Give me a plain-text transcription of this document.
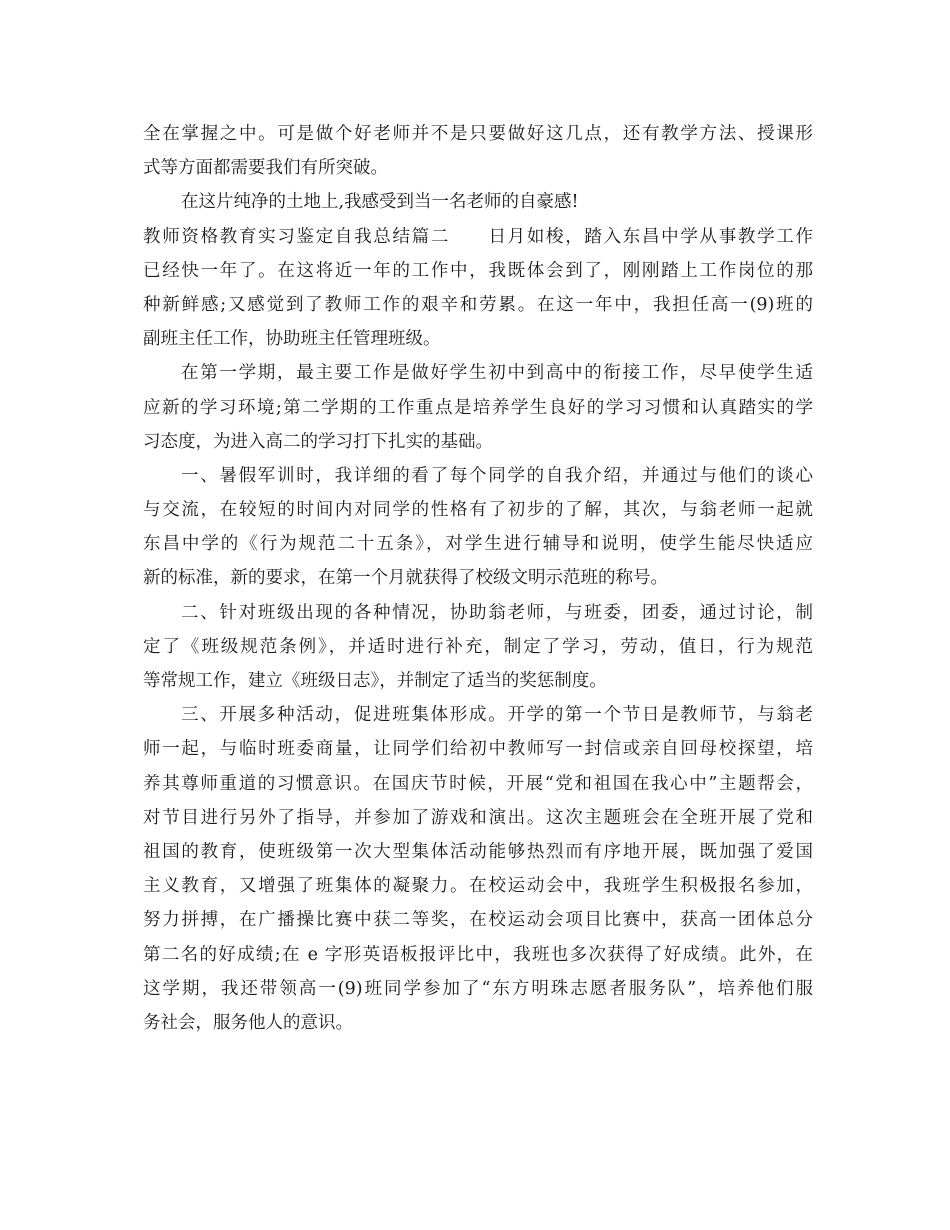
全在掌握之中。可是做个好老师并不是只要做好这几点，还有教学方法、授课形
式等方面都需要我们有所突破。
在这片纯净的土地上,我感受到当一名老师的自豪感!
教师资格教育实习鉴定自我总结篇二　　日月如梭，踏入东昌中学从事教学工作
已经快一年了。在这将近一年的工作中，我既体会到了，刚刚踏上工作岗位的那
种新鲜感;又感觉到了教师工作的艰辛和劳累。在这一年中，我担任高一(9)班的
副班主任工作，协助班主任管理班级。
在第一学期，最主要工作是做好学生初中到高中的衔接工作，尽早使学生适
应新的学习环境;第二学期的工作重点是培养学生良好的学习习惯和认真踏实的学
习态度，为进入高二的学习打下扎实的基础。
一、暑假军训时，我详细的看了每个同学的自我介绍，并通过与他们的谈心
与交流，在较短的时间内对同学的性格有了初步的了解，其次，与翁老师一起就
东昌中学的《行为规范二十五条》，对学生进行辅导和说明，使学生能尽快适应
新的标准，新的要求，在第一个月就获得了校级文明示范班的称号。
二、针对班级出现的各种情况，协助翁老师，与班委，团委，通过讨论，制
定了《班级规范条例》，并适时进行补充，制定了学习，劳动，值日，行为规范
等常规工作，建立《班级日志》，并制定了适当的奖惩制度。
三、开展多种活动，促进班集体形成。开学的第一个节日是教师节，与翁老
师一起，与临时班委商量，让同学们给初中教师写一封信或亲自回母校探望，培
养其尊师重道的习惯意识。在国庆节时候，开展“党和祖国在我心中”主题帮会，
对节目进行另外了指导，并参加了游戏和演出。这次主题班会在全班开展了党和
祖国的教育，使班级第一次大型集体活动能够热烈而有序地开展，既加强了爱国
主义教育，又增强了班集体的凝聚力。在校运动会中，我班学生积极报名参加，
努力拼搏，在广播操比赛中获二等奖，在校运动会项目比赛中，获高一团体总分
第二名的好成绩;在 e 字形英语板报评比中，我班也多次获得了好成绩。此外，在
这学期，我还带领高一(9)班同学参加了“东方明珠志愿者服务队”，培养他们服
务社会，服务他人的意识。
